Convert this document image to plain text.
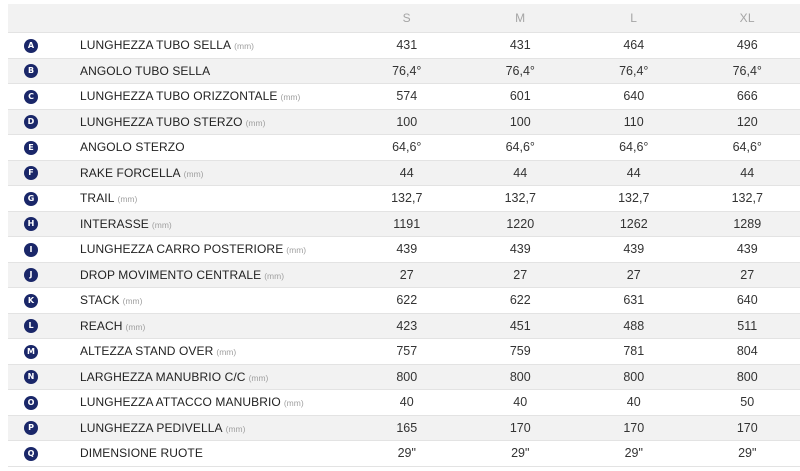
		S	M	L	XL
A	LUNGHEZZA TUBO SELLA (mm)	431	431	464	496
B	ANGOLO TUBO SELLA	76,4°	76,4°	76,4°	76,4°
C	LUNGHEZZA TUBO ORIZZONTALE (mm)	574	601	640	666
D	LUNGHEZZA TUBO STERZO (mm)	100	100	110	120
E	ANGOLO STERZO	64,6°	64,6°	64,6°	64,6°
F	RAKE FORCELLA (mm)	44	44	44	44
G	TRAIL (mm)	132,7	132,7	132,7	132,7
H	INTERASSE (mm)	1191	1220	1262	1289
I	LUNGHEZZA CARRO POSTERIORE (mm)	439	439	439	439
J	DROP MOVIMENTO CENTRALE (mm)	27	27	27	27
K	STACK (mm)	622	622	631	640
L	REACH (mm)	423	451	488	511
M	ALTEZZA STAND OVER (mm)	757	759	781	804
N	LARGHEZZA MANUBRIO C/C (mm)	800	800	800	800
O	LUNGHEZZA ATTACCO MANUBRIO (mm)	40	40	40	50
P	LUNGHEZZA PEDIVELLA (mm)	165	170	170	170
Q	DIMENSIONE RUOTE	29"	29"	29"	29"
